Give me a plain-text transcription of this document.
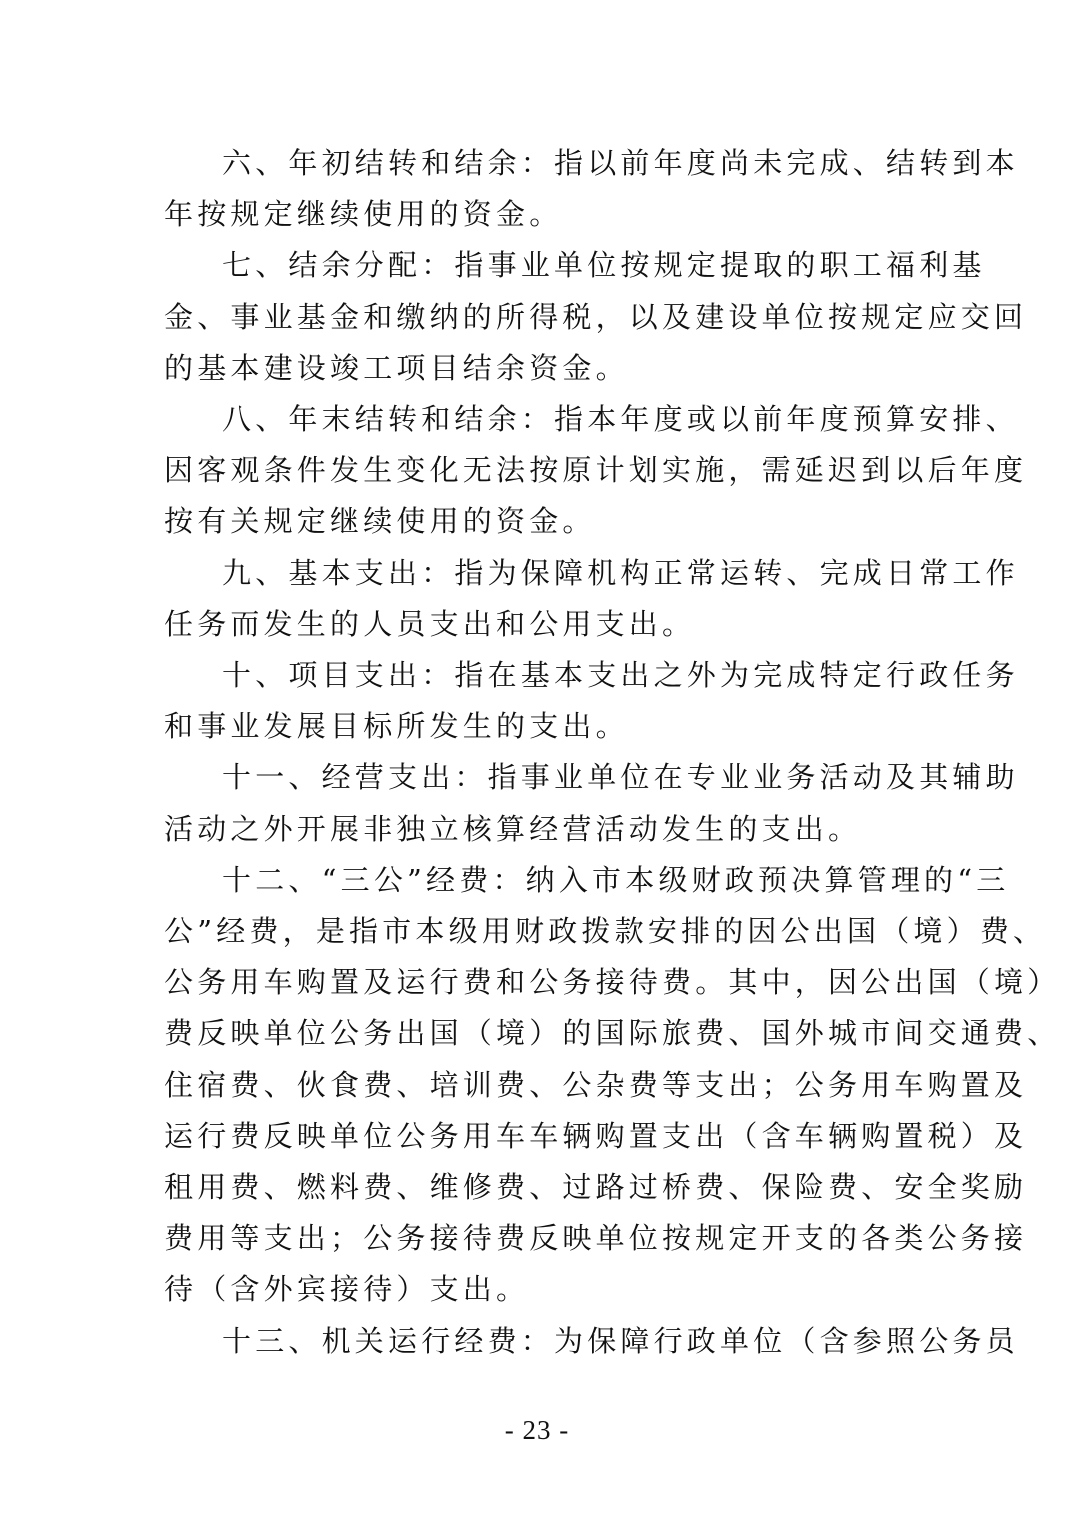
六、年初结转和结余：指以前年度尚未完成、结转到本
年按规定继续使用的资金。

七、结余分配：指事业单位按规定提取的职工福利基
金、事业基金和缴纳的所得税，以及建设单位按规定应交回
的基本建设竣工项目结余资金。

八、年末结转和结余：指本年度或以前年度预算安排、
因客观条件发生变化无法按原计划实施，需延迟到以后年度
按有关规定继续使用的资金。

九、基本支出：指为保障机构正常运转、完成日常工作
任务而发生的人员支出和公用支出。

十、项目支出：指在基本支出之外为完成特定行政任务
和事业发展目标所发生的支出。

十一、经营支出：指事业单位在专业业务活动及其辅助
活动之外开展非独立核算经营活动发生的支出。

十二、“三公”经费：纳入市本级财政预决算管理的“三
公”经费，是指市本级用财政拨款安排的因公出国（境）费、
公务用车购置及运行费和公务接待费。其中，因公出国（境）
费反映单位公务出国（境）的国际旅费、国外城市间交通费、
住宿费、伙食费、培训费、公杂费等支出；公务用车购置及
运行费反映单位公务用车车辆购置支出（含车辆购置税）及
租用费、燃料费、维修费、过路过桥费、保险费、安全奖励
费用等支出；公务接待费反映单位按规定开支的各类公务接
待（含外宾接待）支出。

十三、机关运行经费：为保障行政单位（含参照公务员

- 23 -
